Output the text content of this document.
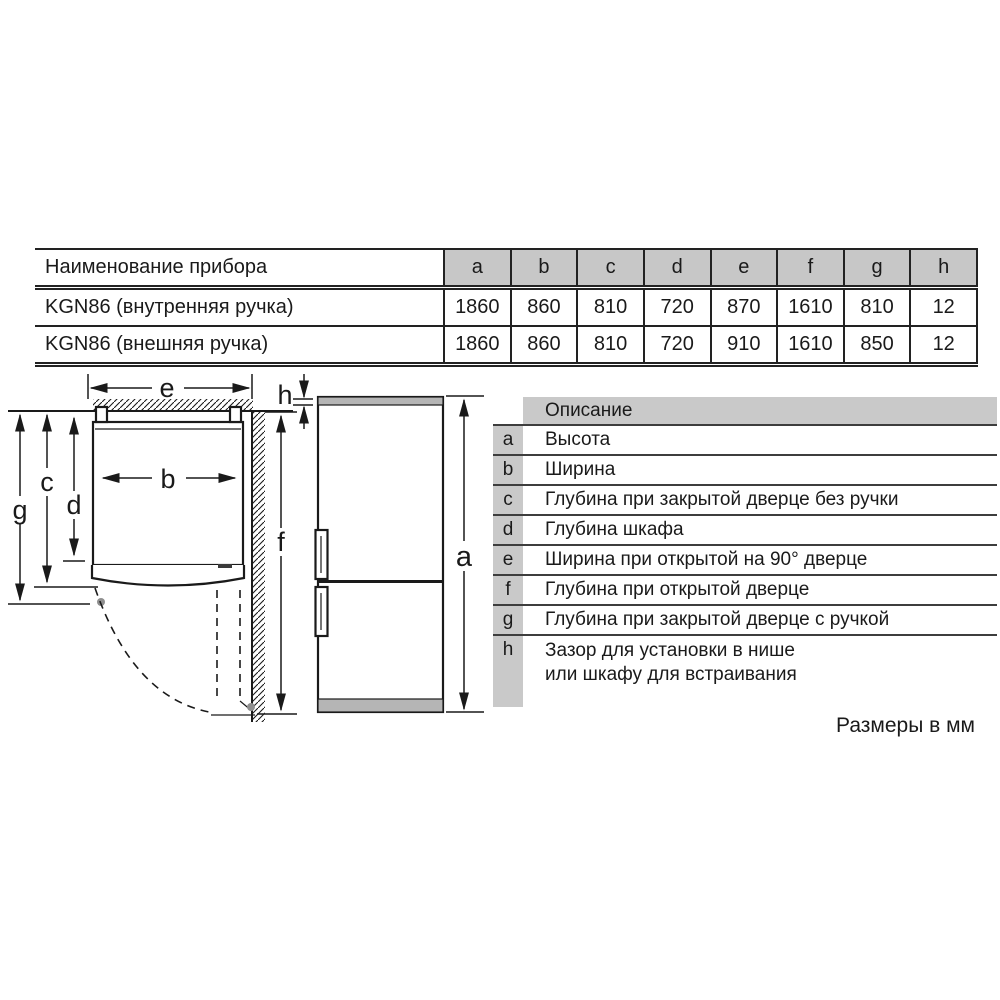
Наименование прибора	a	b	c	d	e	f	g	h
KGN86 (внутренняя ручка)	1860	860	810	720	870	1610	810	12
KGN86 (внешняя ручка)	1860	860	810	720	910	1610	850	12
e
b
g
c
d
f
h
a
	Описание
a	Высота
b	Ширина
c	Глубина при закрытой дверце без ручки
d	Глубина шкафа
e	Ширина при открытой на 90° дверце
f	Глубина при открытой дверце
g	Глубина при закрытой дверце с ручкой

h	Зазор для установки в нише
или шкафу для встраивания
Размеры в мм
